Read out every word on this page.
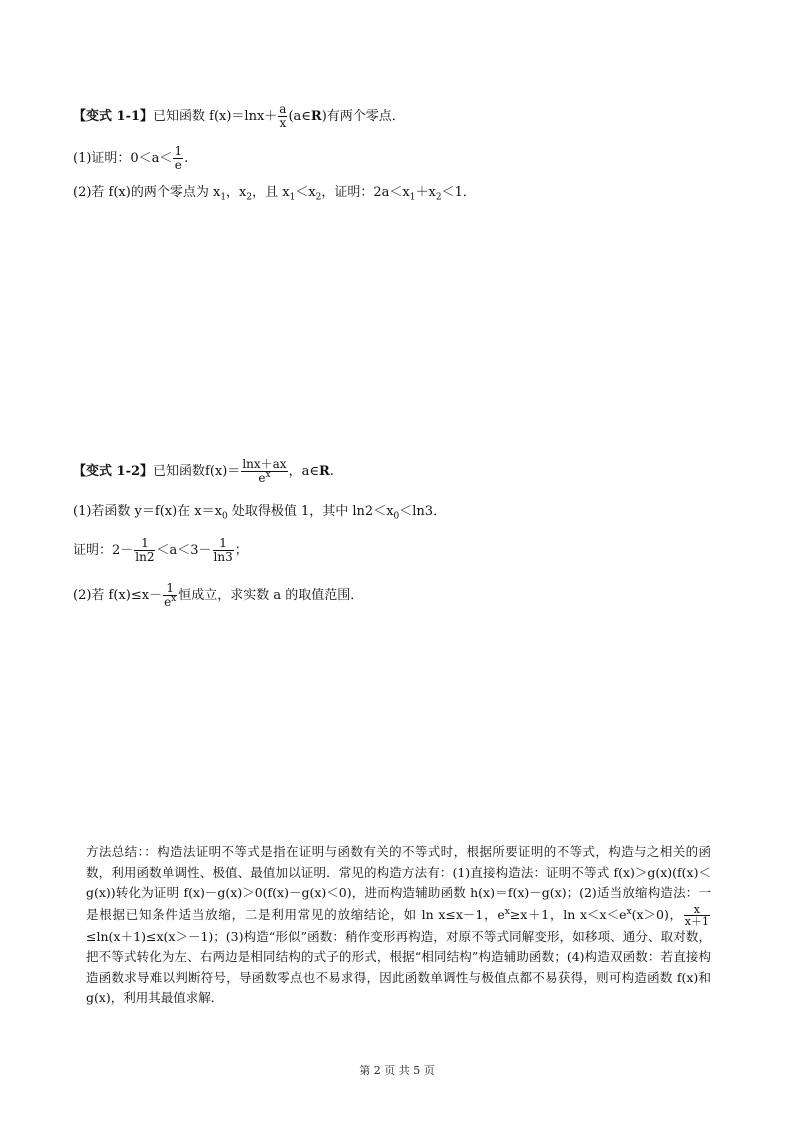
【变式 1-1】已知函数 $f(x)=\ln x+ \frac{a}{x}$ (a∈R)有两个零点．
(1)证明：$0<a< \frac{1}{e}$ .
(2)若 f(x)的两个零点为 $x_1$，$x_2$，且 $x_1<x_2$，证明：$2a<x_1+x_2<1$．
【变式 1-2】已知函数$f(x)= \frac{\ln x+ax}{e^x}$ ，a∈R.
(1)若函数 y＝f(x)在 $x=x_0$ 处取得极值 1，其中 $\ln 2<x_0<\ln 3$．
证明：$2- \frac{1}{\ln 2} <a<3- \frac{1}{\ln 3}$ ；
(2)若 $f(x)\le x- \frac{1}{e^x}$ 恒成立，求实数 a 的取值范围．
方法总结：：构造法证明不等式是指在证明与函数有关的不等式时，根据所要证明的不等式，构造与之相关的函数，利用函数单调性、极值、最值加以证明．常见的构造方法有：(1)直接构造法：证明不等式 f(x)＞g(x)(f(x)＜g(x))转化为证明 f(x)－g(x)＞0(f(x)－g(x)＜0)，进而构造辅助函数 h(x)＝f(x)－g(x)；(2)适当放缩构造法：一是根据已知条件适当放缩，二是利用常见的放缩结论，如 ln x≤x－1，$e^x\ge x+1$，$\ln x<x<e^x(x>0)$， $\frac{x}{x+1}$
≤ln(x＋1)≤x(x＞－1)；(3)构造“形似”函数：稍作变形再构造，对原不等式同解变形，如移项、通分、取对数，把不等式转化为左、右两边是相同结构的式子的形式，根据“相同结构”构造辅助函数；(4)构造双函数：若直接构造函数求导难以判断符号，导函数零点也不易求得，因此函数单调性与极值点都不易获得，则可构造函数 f(x)和 g(x)，利用其最值求解．
第 2 页 共 5 页
